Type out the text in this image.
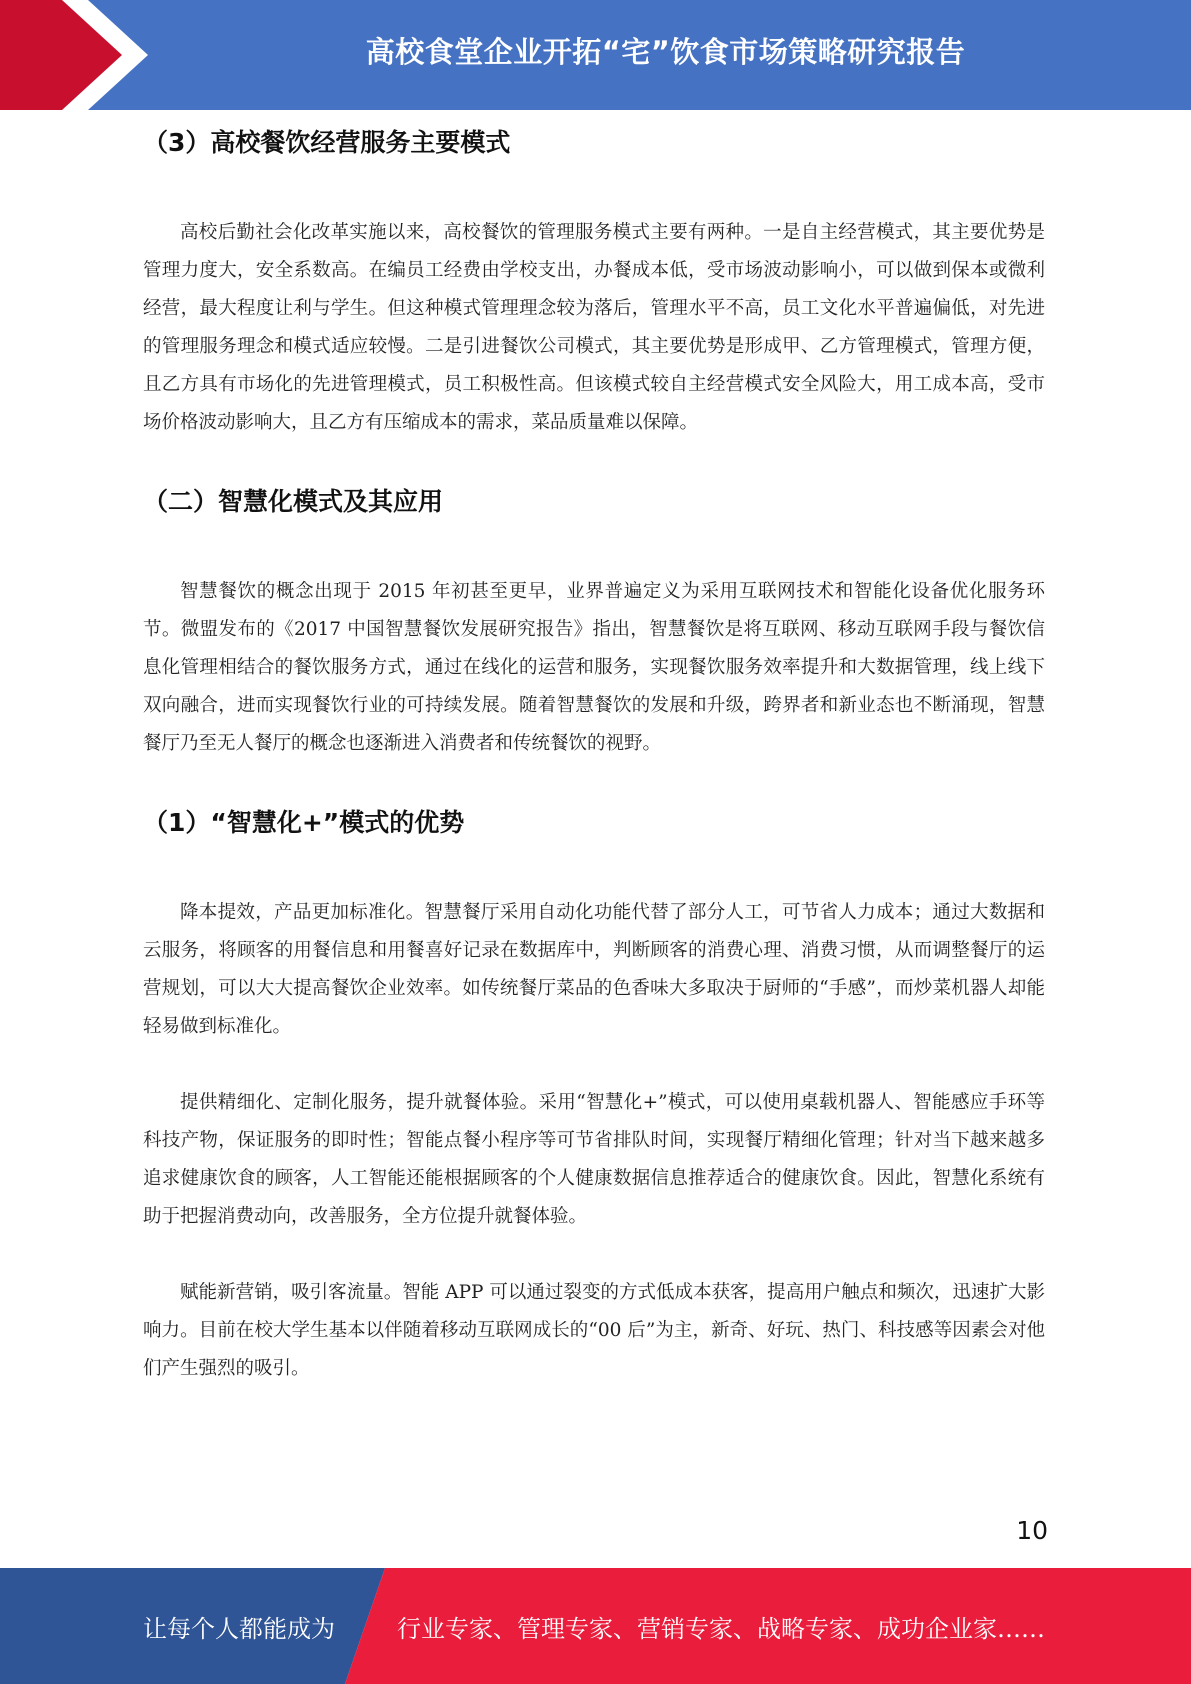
高校食堂企业开拓“宅”饮食市场策略研究报告
（3）高校餐饮经营服务主要模式

高校后勤社会化改革实施以来，高校餐饮的管理服务模式主要有两种。一是自主经营模式，其主要优势是管理力度大，安全系数高。在编员工经费由学校支出，办餐成本低，受市场波动影响小，可以做到保本或微利经营，最大程度让利与学生。但这种模式管理理念较为落后，管理水平不高，员工文化水平普遍偏低，对先进的管理服务理念和模式适应较慢。二是引进餐饮公司模式，其主要优势是形成甲、乙方管理模式，管理方便，且乙方具有市场化的先进管理模式，员工积极性高。但该模式较自主经营模式安全风险大，用工成本高，受市场价格波动影响大，且乙方有压缩成本的需求，菜品质量难以保障。

（二）智慧化模式及其应用

智慧餐饮的概念出现于 2015 年初甚至更早，业界普遍定义为采用互联网技术和智能化设备优化服务环节。微盟发布的《2017 中国智慧餐饮发展研究报告》指出，智慧餐饮是将互联网、移动互联网手段与餐饮信息化管理相结合的餐饮服务方式，通过在线化的运营和服务，实现餐饮服务效率提升和大数据管理，线上线下双向融合，进而实现餐饮行业的可持续发展。随着智慧餐饮的发展和升级，跨界者和新业态也不断涌现，智慧餐厅乃至无人餐厅的概念也逐渐进入消费者和传统餐饮的视野。

（1）“智慧化+”模式的优势

降本提效，产品更加标准化。智慧餐厅采用自动化功能代替了部分人工，可节省人力成本；通过大数据和云服务，将顾客的用餐信息和用餐喜好记录在数据库中，判断顾客的消费心理、消费习惯，从而调整餐厅的运营规划，可以大大提高餐饮企业效率。如传统餐厅菜品的色香味大多取决于厨师的“手感”，而炒菜机器人却能轻易做到标准化。

提供精细化、定制化服务，提升就餐体验。采用“智慧化+”模式，可以使用桌载机器人、智能感应手环等科技产物，保证服务的即时性；智能点餐小程序等可节省排队时间，实现餐厅精细化管理；针对当下越来越多追求健康饮食的顾客，人工智能还能根据顾客的个人健康数据信息推荐适合的健康饮食。因此，智慧化系统有助于把握消费动向，改善服务，全方位提升就餐体验。

赋能新营销，吸引客流量。智能 APP 可以通过裂变的方式低成本获客，提高用户触点和频次，迅速扩大影响力。目前在校大学生基本以伴随着移动互联网成长的“00 后”为主，新奇、好玩、热门、科技感等因素会对他们产生强烈的吸引。

10
让每个人都能成为	行业专家、管理专家、营销专家、战略专家、成功企业家……
